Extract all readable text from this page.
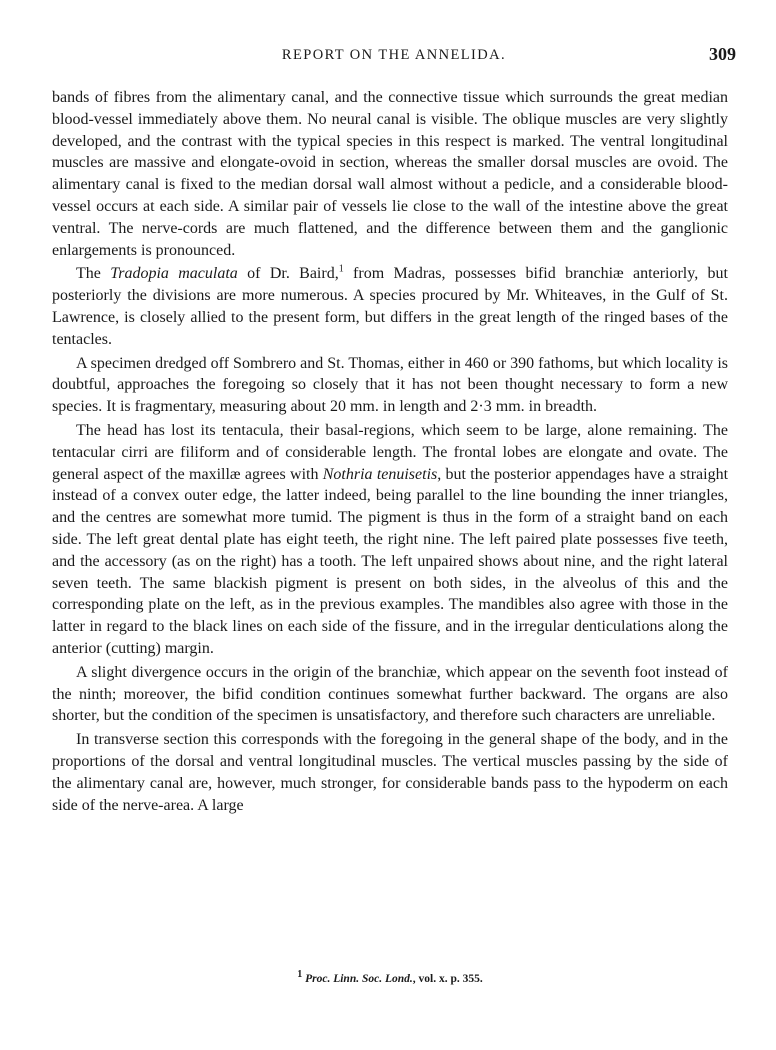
REPORT ON THE ANNELIDA.	309

bands of fibres from the alimentary canal, and the connective tissue which surrounds the great median blood-vessel immediately above them. No neural canal is visible. The oblique muscles are very slightly developed, and the contrast with the typical species in this respect is marked. The ventral longitudinal muscles are massive and elongate-ovoid in section, whereas the smaller dorsal muscles are ovoid. The alimentary canal is fixed to the median dorsal wall almost without a pedicle, and a considerable blood-vessel occurs at each side. A similar pair of vessels lie close to the wall of the intestine above the great ventral. The nerve-cords are much flattened, and the difference between them and the ganglionic enlargements is pronounced.

The Tradopia maculata of Dr. Baird,$^1$ from Madras, possesses bifid branchiæ anteriorly, but posteriorly the divisions are more numerous. A species procured by Mr. Whiteaves, in the Gulf of St. Lawrence, is closely allied to the present form, but differs in the great length of the ringed bases of the tentacles.

A specimen dredged off Sombrero and St. Thomas, either in 460 or 390 fathoms, but which locality is doubtful, approaches the foregoing so closely that it has not been thought necessary to form a new species. It is fragmentary, measuring about 20 mm. in length and 2·3 mm. in breadth.

The head has lost its tentacula, their basal-regions, which seem to be large, alone remaining. The tentacular cirri are filiform and of considerable length. The frontal lobes are elongate and ovate. The general aspect of the maxillæ agrees with Nothria tenuisetis, but the posterior appendages have a straight instead of a convex outer edge, the latter indeed, being parallel to the line bounding the inner triangles, and the centres are somewhat more tumid. The pigment is thus in the form of a straight band on each side. The left great dental plate has eight teeth, the right nine. The left paired plate possesses five teeth, and the accessory (as on the right) has a tooth. The left unpaired shows about nine, and the right lateral seven teeth. The same blackish pigment is present on both sides, in the alveolus of this and the corresponding plate on the left, as in the previous examples. The mandibles also agree with those in the latter in regard to the black lines on each side of the fissure, and in the irregular denticulations along the anterior (cutting) margin.

A slight divergence occurs in the origin of the branchiæ, which appear on the seventh foot instead of the ninth; moreover, the bifid condition continues somewhat further backward. The organs are also shorter, but the condition of the specimen is unsatisfactory, and therefore such characters are unreliable.

In transverse section this corresponds with the foregoing in the general shape of the body, and in the proportions of the dorsal and ventral longitudinal muscles. The vertical muscles passing by the side of the alimentary canal are, however, much stronger, for considerable bands pass to the hypoderm on each side of the nerve-area. A large

$^1$ Proc. Linn. Soc. Lond., vol. x. p. 355.
